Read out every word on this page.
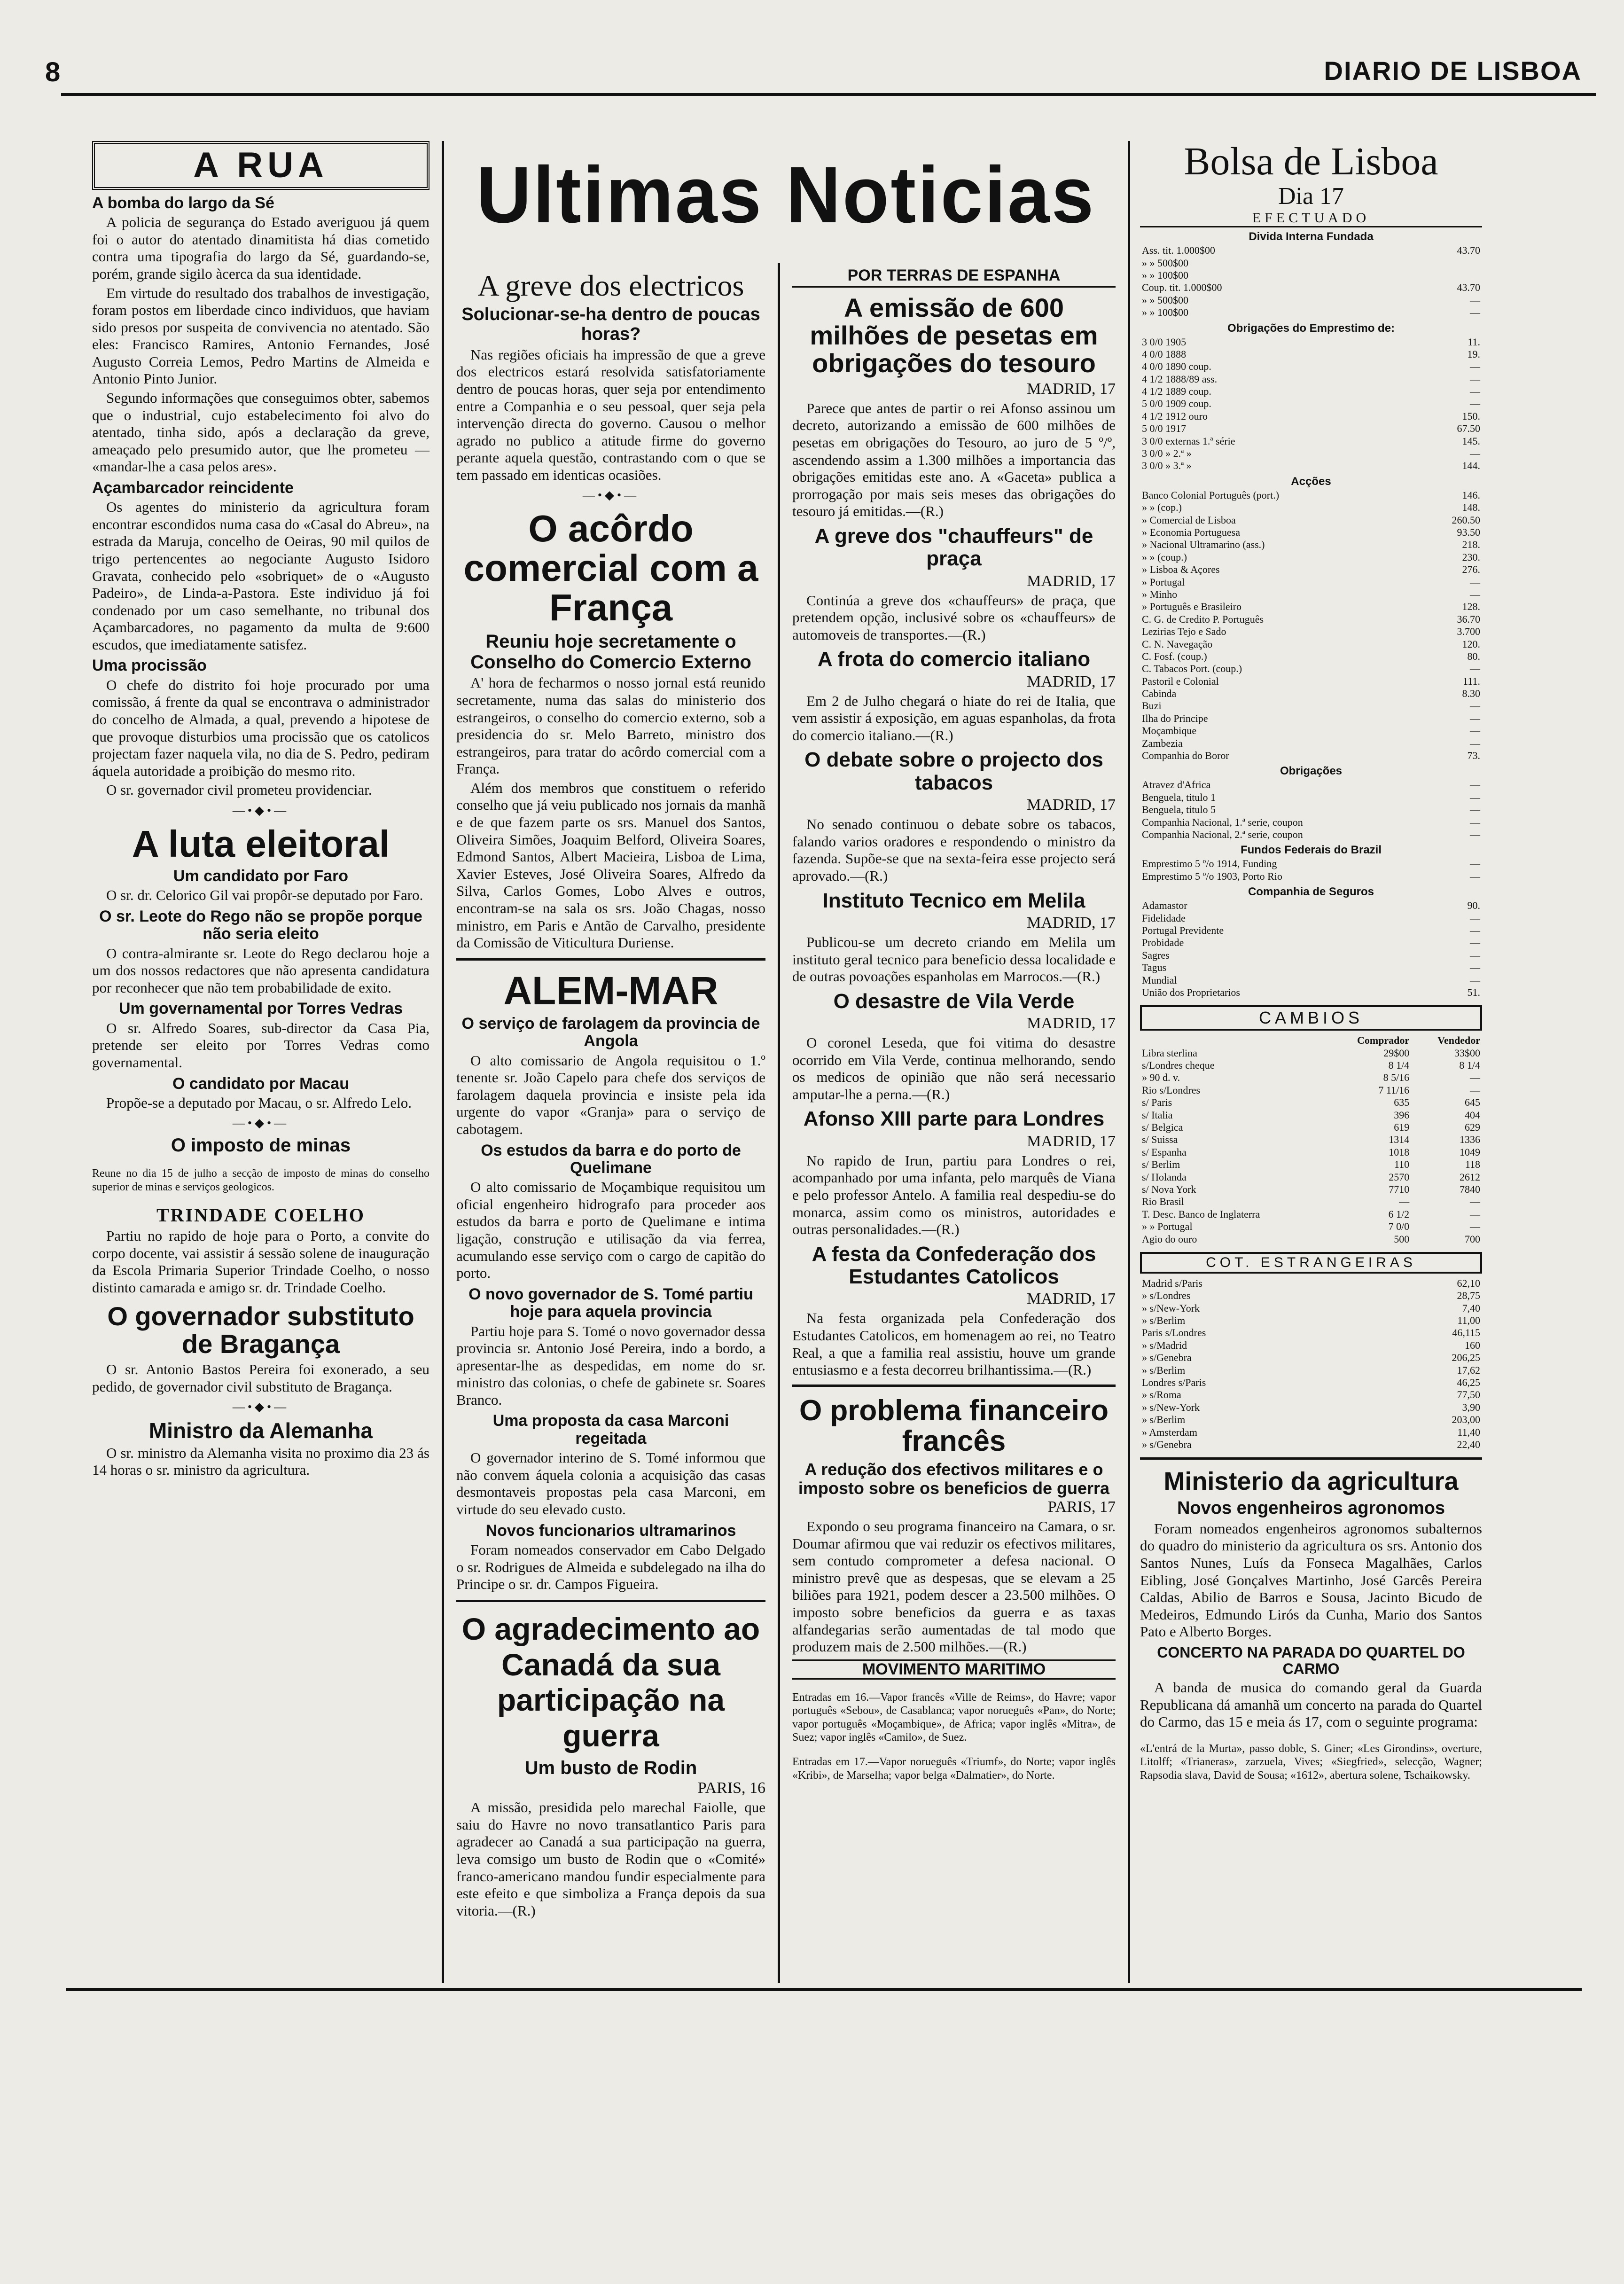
8	DIARIO DE LISBOA
A RUA
A bomba do largo da Sé

A policia de segurança do Estado averiguou já quem foi o autor do atentado dinamitista há dias cometido contra uma tipografia do largo da Sé, guardando-se, porém, grande sigilo àcerca da sua identidade.

Em virtude do resultado dos trabalhos de investigação, foram postos em liberdade cinco individuos, que haviam sido presos por suspeita de convivencia no atentado. São eles: Francisco Ramires, Antonio Fernandes, José Augusto Correia Lemos, Pedro Martins de Almeida e Antonio Pinto Junior.

Segundo informações que conseguimos obter, sabemos que o industrial, cujo estabelecimento foi alvo do atentado, tinha sido, após a declaração da greve, ameaçado pelo presumido autor, que lhe prometeu — «mandar-lhe a casa pelos ares».

Açambarcador reincidente

Os agentes do ministerio da agricultura foram encontrar escondidos numa casa do «Casal do Abreu», na estrada da Maruja, concelho de Oeiras, 90 mil quilos de trigo pertencentes ao negociante Augusto Isidoro Gravata, conhecido pelo «sobriquet» de o «Augusto Padeiro», de Linda-a-Pastora. Este individuo já foi condenado por um caso semelhante, no tribunal dos Açambarcadores, no pagamento da multa de 9:600 escudos, que imediatamente satisfez.

Uma procissão

O chefe do distrito foi hoje procurado por uma comissão, á frente da qual se encontrava o administrador do concelho de Almada, a qual, prevendo a hipotese de que provoque disturbios uma procissão que os catolicos projectam fazer naquela vila, no dia de S. Pedro, pediram áquela autoridade a proibição do mesmo rito.

O sr. governador civil prometeu providenciar.

—•◆•—
A luta eleitoral
Um candidato por Faro

O sr. dr. Celorico Gil vai propôr-se deputado por Faro.

O sr. Leote do Rego não se propõe porque não seria eleito

O contra-almirante sr. Leote do Rego declarou hoje a um dos nossos redactores que não apresenta candidatura por reconhecer que não tem probabilidade de exito.

Um governamental por Torres Vedras

O sr. Alfredo Soares, sub-director da Casa Pia, pretende ser eleito por Torres Vedras como governamental.

O candidato por Macau

Propõe-se a deputado por Macau, o sr. Alfredo Lelo.

—•◆•—
O imposto de minas

Reune no dia 15 de julho a secção de imposto de minas do conselho superior de minas e serviços geologicos.

TRINDADE COELHO

Partiu no rapido de hoje para o Porto, a convite do corpo docente, vai assistir á sessão solene de inauguração da Escola Primaria Superior Trindade Coelho, o nosso distinto camarada e amigo sr. dr. Trindade Coelho.

O governador substituto de Bragança

O sr. Antonio Bastos Pereira foi exonerado, a seu pedido, de governador civil substituto de Bragança.

—•◆•—
Ministro da Alemanha

O sr. ministro da Alemanha visita no proximo dia 23 ás 14 horas o sr. ministro da agricultura.

Ultimas Noticias
A greve dos electricos
Solucionar-se-ha dentro de poucas horas?

Nas regiões oficiais ha impressão de que a greve dos electricos estará resolvida satisfatoriamente dentro de poucas horas, quer seja por entendimento entre a Companhia e o seu pessoal, quer seja pela intervenção directa do governo. Causou o melhor agrado no publico a atitude firme do governo perante aquela questão, contrastando com o que se tem passado em identicas ocasiões.

—•◆•—
O acôrdo comercial com a França
Reuniu hoje secretamente o Conselho do Comercio Externo

A' hora de fecharmos o nosso jornal está reunido secretamente, numa das salas do ministerio dos estrangeiros, o conselho do comercio externo, sob a presidencia do sr. Melo Barreto, ministro dos estrangeiros, para tratar do acôrdo comercial com a França.

Além dos membros que constituem o referido conselho que já veiu publicado nos jornais da manhã e de que fazem parte os srs. Manuel dos Santos, Oliveira Simões, Joaquim Belford, Oliveira Soares, Edmond Santos, Albert Macieira, Lisboa de Lima, Xavier Esteves, José Oliveira Soares, Alfredo da Silva, Carlos Gomes, Lobo Alves e outros, encontram-se na sala os srs. João Chagas, nosso ministro, em Paris e Antão de Carvalho, presidente da Comissão de Viticultura Duriense.

ALEM-MAR
O serviço de farolagem da provincia de Angola

O alto comissario de Angola requisitou o 1.º tenente sr. João Capelo para chefe dos serviços de farolagem daquela provincia e insiste pela ida urgente do vapor «Granja» para o serviço de cabotagem.

Os estudos da barra e do porto de Quelimane

O alto comissario de Moçambique requisitou um oficial engenheiro hidrografo para proceder aos estudos da barra e porto de Quelimane e intima ligação, construção e utilisação da via ferrea, acumulando esse serviço com o cargo de capitão do porto.

O novo governador de S. Tomé partiu hoje para aquela provincia

Partiu hoje para S. Tomé o novo governador dessa provincia sr. Antonio José Pereira, indo a bordo, a apresentar-lhe as despedidas, em nome do sr. ministro das colonias, o chefe de gabinete sr. Soares Branco.

Uma proposta da casa Marconi regeitada

O governador interino de S. Tomé informou que não convem áquela colonia a acquisição das casas desmontaveis propostas pela casa Marconi, em virtude do seu elevado custo.

Novos funcionarios ultramarinos

Foram nomeados conservador em Cabo Delgado o sr. Rodrigues de Almeida e subdelegado na ilha do Principe o sr. dr. Campos Figueira.

O agradecimento ao Canadá da sua participação na guerra
Um busto de Rodin
PARIS, 16

A missão, presidida pelo marechal Faiolle, que saiu do Havre no novo transatlantico Paris para agradecer ao Canadá a sua participação na guerra, leva comsigo um busto de Rodin que o «Comité» franco-americano mandou fundir especialmente para este efeito e que simboliza a França depois da sua vitoria.—(R.)

POR TERRAS DE ESPANHA
A emissão de 600 milhões de pesetas em obrigações do tesouro
MADRID, 17

Parece que antes de partir o rei Afonso assinou um decreto, autorizando a emissão de 600 milhões de pesetas em obrigações do Tesouro, ao juro de 5 º/º, ascendendo assim a 1.300 milhões a importancia das obrigações emitidas este ano. A «Gaceta» publica a prorrogação por mais seis meses das obrigações do tesouro já emitidas.—(R.)

A greve dos "chauffeurs" de praça
MADRID, 17

Continúa a greve dos «chauffeurs» de praça, que pretendem opção, inclusivé sobre os «chauffeurs» de automoveis de transportes.—(R.)

A frota do comercio italiano
MADRID, 17

Em 2 de Julho chegará o hiate do rei de Italia, que vem assistir á exposição, em aguas espanholas, da frota do comercio italiano.—(R.)

O debate sobre o projecto dos tabacos
MADRID, 17

No senado continuou o debate sobre os tabacos, falando varios oradores e respondendo o ministro da fazenda. Supõe-se que na sexta-feira esse projecto será aprovado.—(R.)

Instituto Tecnico em Melila
MADRID, 17

Publicou-se um decreto criando em Melila um instituto geral tecnico para beneficio dessa localidade e de outras povoações espanholas em Marrocos.—(R.)

O desastre de Vila Verde
MADRID, 17

O coronel Leseda, que foi vitima do desastre ocorrido em Vila Verde, continua melhorando, sendo os medicos de opinião que não será necessario amputar-lhe a perna.—(R.)

Afonso XIII parte para Londres
MADRID, 17

No rapido de Irun, partiu para Londres o rei, acompanhado por uma infanta, pelo marquês de Viana e pelo professor Antelo. A familia real despediu-se do monarca, assim como os ministros, autoridades e outras personalidades.—(R.)

A festa da Confederação dos Estudantes Catolicos
MADRID, 17

Na festa organizada pela Confederação dos Estudantes Catolicos, em homenagem ao rei, no Teatro Real, a que a familia real assistiu, houve um grande entusiasmo e a festa decorreu brilhantissima.—(R.)

O problema financeiro francês
A redução dos efectivos militares e o imposto sobre os beneficios de guerra
PARIS, 17

Expondo o seu programa financeiro na Camara, o sr. Doumar afirmou que vai reduzir os efectivos militares, sem contudo comprometer a defesa nacional. O ministro prevê que as despesas, que se elevam a 25 biliões para 1921, podem descer a 23.500 milhões. O imposto sobre beneficios da guerra e as taxas alfandegarias serão aumentadas de tal modo que produzem mais de 2.500 milhões.—(R.)

MOVIMENTO MARITIMO

Entradas em 16.—Vapor francês «Ville de Reims», do Havre; vapor português «Sebou», de Casablanca; vapor norueguês «Pan», do Norte; vapor português «Moçambique», de Africa; vapor inglês «Mitra», de Suez; vapor inglês «Camilo», de Suez.

Entradas em 17.—Vapor norueguês «Triumf», do Norte; vapor inglês «Kribi», de Marselha; vapor belga «Dalmatier», do Norte.

Bolsa de Lisboa
Dia 17
EFECTUADO
Divida Interna Fundada
Ass. tit. 1.000$00	43.70
» » 500$00	
» » 100$00	
Coup. tit. 1.000$00	43.70
» » 500$00	—
» » 100$00	—
Obrigações do Emprestimo de:
3 0/0 1905	11.
4 0/0 1888	19.
4 0/0 1890 coup.	—
4 1/2 1888/89 ass.	—
4 1/2 1889 coup.	—
5 0/0 1909 coup.	—
4 1/2 1912 ouro	150.
5 0/0 1917	67.50
3 0/0 externas 1.ª série	145.
3 0/0 » 2.ª »	—
3 0/0 » 3.ª »	144.
Acções
Banco Colonial Português (port.)	146.
» » (cop.)	148.
» Comercial de Lisboa	260.50
» Economia Portuguesa	93.50
» Nacional Ultramarino (ass.)	218.
» » (coup.)	230.
» Lisboa & Açores	276.
» Portugal	—
» Minho	—
» Português e Brasileiro	128.
C. G. de Credito P. Português	36.70
Lezirias Tejo e Sado	3.700
C. N. Navegação	120.
C. Fosf. (coup.)	80.
C. Tabacos Port. (coup.)	—
Pastoril e Colonial	111.
Cabinda	8.30
Buzi	—
Ilha do Principe	—
Moçambique	—
Zambezia	—
Companhia do Boror	73.
Obrigações
Atravez d'Africa	—
Benguela, titulo 1	—
Benguela, titulo 5	—
Companhia Nacional, 1.ª serie, coupon	—
Companhia Nacional, 2.ª serie, coupon	—
Fundos Federais do Brazil
Emprestimo 5 º/o 1914, Funding	—
Emprestimo 5 º/o 1903, Porto Rio	—
Companhia de Seguros
Adamastor	90.
Fidelidade	—
Portugal Previdente	—
Probidade	—
Sagres	—
Tagus	—
Mundial	—
União dos Proprietarios	51.
CAMBIOS
	Comprador	Vendedor
Libra sterlina	29$00	33$00
s/Londres cheque	8 1/4	8 1/4
» 90 d. v.	8 5/16	—
Rio s/Londres	7 11/16	—
s/ Paris	635	645
s/ Italia	396	404
s/ Belgica	619	629
s/ Suissa	1314	1336
s/ Espanha	1018	1049
s/ Berlim	110	118
s/ Holanda	2570	2612
s/ Nova York	7710	7840
Rio Brasil	—	—
T. Desc. Banco de Inglaterra	6 1/2	—
» » Portugal	7 0/0	—
Agio do ouro	500	700
COT. ESTRANGEIRAS
Madrid s/Paris	62,10
» s/Londres	28,75
» s/New-York	7,40
» s/Berlim	11,00
Paris s/Londres	46,115
» s/Madrid	160
» s/Genebra	206,25
» s/Berlim	17,62
Londres s/Paris	46,25
» s/Roma	77,50
» s/New-York	3,90
» s/Berlim	203,00
» Amsterdam	11,40
» s/Genebra	22,40
Ministerio da agricultura
Novos engenheiros agronomos

Foram nomeados engenheiros agronomos subalternos do quadro do ministerio da agricultura os srs. Antonio dos Santos Nunes, Luís da Fonseca Magalhães, Carlos Eibling, José Gonçalves Martinho, José Garcês Pereira Caldas, Abilio de Barros e Sousa, Jacinto Bicudo de Medeiros, Edmundo Lirós da Cunha, Mario dos Santos Pato e Alberto Borges.

CONCERTO NA PARADA DO QUARTEL DO CARMO

A banda de musica do comando geral da Guarda Republicana dá amanhã um concerto na parada do Quartel do Carmo, das 15 e meia ás 17, com o seguinte programa:

«L'entrá de la Murta», passo doble, S. Giner; «Les Girondins», overture, Litolff; «Trianeras», zarzuela, Vives; «Siegfried», selecção, Wagner; Rapsodia slava, David de Sousa; «1612», abertura solene, Tschaikowsky.
